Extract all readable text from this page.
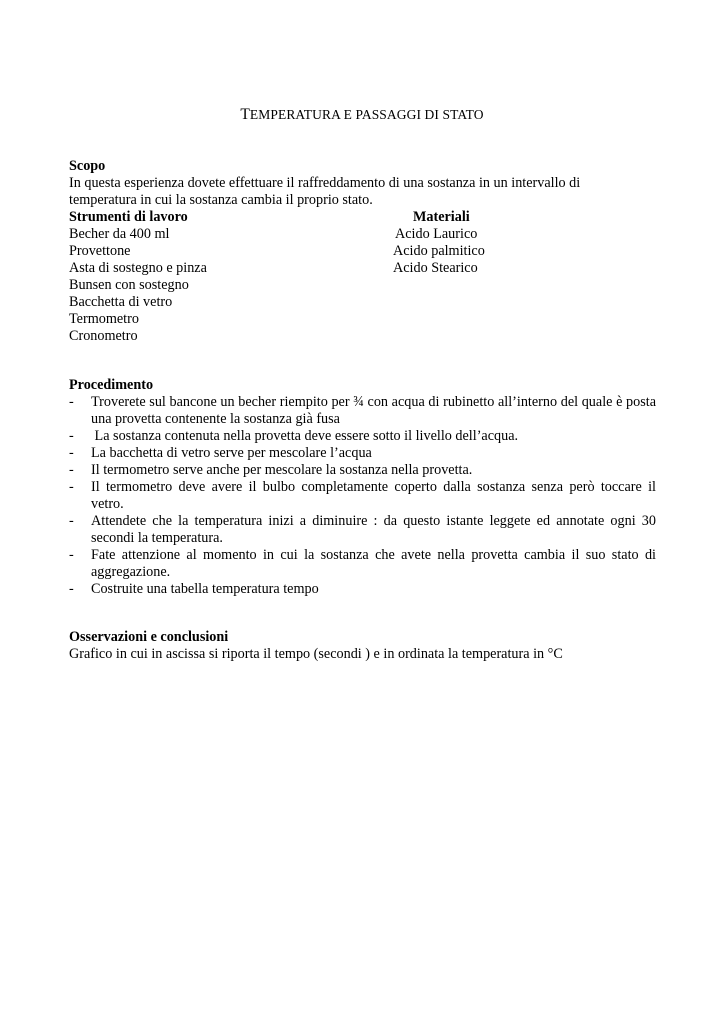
TEMPERATURA E PASSAGGI DI STATO
Scopo
In questa esperienza dovete effettuare il raffreddamento di una sostanza in un intervallo di
temperatura in cui la sostanza cambia il proprio stato.
Strumenti di lavoro
Becher da 400 ml
Provettone
Asta di sostegno e pinza
Bunsen con sostegno
Bacchetta di vetro
Termometro
Cronometro
Materiali
Acido Laurico
Acido palmitico
Acido Stearico
Procedimento
- Troverete sul bancone un becher riempito per ¾ con acqua di rubinetto all’interno del quale è posta una provetta contenente la sostanza già fusa
- La sostanza contenuta nella provetta deve essere sotto il livello dell’acqua.
- La bacchetta di vetro serve per mescolare l’acqua
- Il termometro serve anche per mescolare la sostanza nella provetta.
- Il termometro deve avere il bulbo completamente coperto dalla sostanza senza però toccare il vetro.
- Attendete che la temperatura inizi a diminuire : da questo istante leggete ed annotate ogni 30 secondi la temperatura.
- Fate attenzione al momento in cui la sostanza che avete nella provetta cambia il suo stato di aggregazione.
- Costruite una tabella temperatura tempo
Osservazioni e conclusioni
Grafico in cui in ascissa si riporta il tempo (secondi ) e in ordinata la temperatura in °C
